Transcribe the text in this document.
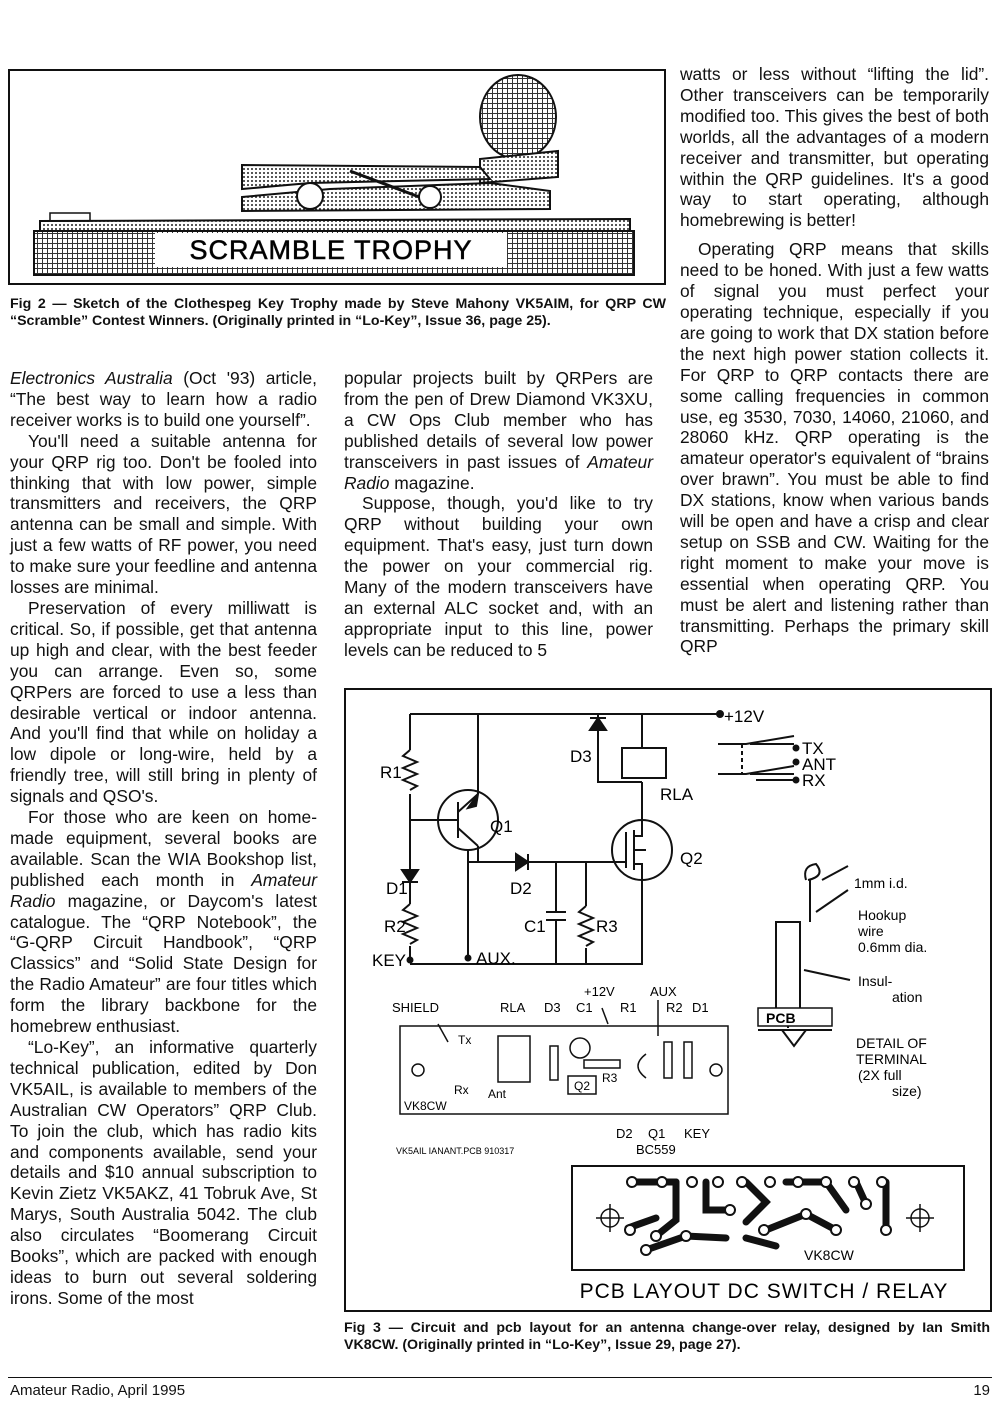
SCRAMBLE TROPHY
Fig 2 — Sketch of the Clothespeg Key Trophy made by Steve Mahony VK5AIM, for QRP CW “Scramble” Contest Winners. (Originally printed in “Lo-Key”, Issue 36, page 25).

Electronics Australia (Oct '93) article, “The best way to learn how a radio receiver works is to build one yourself”.

You'll need a suitable antenna for your QRP rig too. Don't be fooled into thinking that with low power, simple transmitters and receivers, the QRP antenna can be small and simple. With just a few watts of RF power, you need to make sure your feedline and antenna losses are minimal.

Preservation of every milliwatt is critical. So, if possible, get that antenna up high and clear, with the best feeder you can arrange. Even so, some QRPers are forced to use a less than desirable vertical or indoor antenna. And you'll find that while on holiday a low dipole or long-wire, held by a friendly tree, will still bring in plenty of signals and QSO's.

For those who are keen on home-made equipment, several books are available. Scan the WIA Bookshop list, published each month in Amateur Radio magazine, or Daycom's latest catalogue. The “QRP Notebook”, the “G-QRP Circuit Handbook”, “QRP Classics” and “Solid State Design for the Radio Amateur” are four titles which form the library backbone for the homebrew enthusiast.

“Lo-Key”, an informative quarterly technical publication, edited by Don VK5AIL, is available to members of the Australian CW Operators” QRP Club. To join the club, which has radio kits and components available, send your details and $10 annual subscription to Kevin Zietz VK5AKZ, 41 Tobruk Ave, St Marys, South Australia 5042. The club also circulates “Boomerang Circuit Books”, which are packed with enough ideas to burn out several soldering irons. Some of the most

popular projects built by QRPers are from the pen of Drew Diamond VK3XU, a CW Ops Club member who has published details of several low power transceivers in past issues of Amateur Radio magazine.

Suppose, though, you'd like to try QRP without building your own equipment. That's easy, just turn down the power on your commercial rig. Many of the modern transceivers have an external ALC socket and, with an appropriate input to this line, power levels can be reduced to 5

watts or less without “lifting the lid”. Other transceivers can be temporarily modified too. This gives the best of both worlds, all the advantages of a modern receiver and transmitter, but operating within the QRP guidelines. It's a good way to start operating, although homebrewing is better!

Operating QRP means that skills need to be honed. With just a few watts of signal you must perfect your operating technique, especially if you are going to work that DX station before the next high power station collects it. For QRP to QRP contacts there are some calling frequencies in common use, eg 3530, 7030, 14060, 21060, and 28060 kHz. QRP operating is the amateur operator's equivalent of “brains over brawn”. You must be able to find DX stations, know when various bands will be open and have a crisp and clear setup on SSB and CW. Waiting for the right moment to make your move is essential when operating QRP. You must be alert and listening rather than transmitting. Perhaps the primary skill QRP

+12V
TX
ANT
RX
R1
D3
RLA
Q1
Q2
D1	D2
C1	R3
R2
KEY	AUX.
1mm i.d.
Hookup
wire
0.6mm dia.
Insul-
ation
DETAIL OF
TERMINAL
(2X full
size)
PCB
+12V	AUX
SHIELD	RLA D3 C1 R1 R2 D1
Tx
Rx Ant
Q2
R3
VK8CW
D2 Q1 KEY
BC559
VK5AIL IANANT.PCB 910317
VK8CW
PCB LAYOUT DC SWITCH / RELAY
Fig 3 — Circuit and pcb layout for an antenna change-over relay, designed by Ian Smith VK8CW. (Originally printed in “Lo-Key”, Issue 29, page 27).
Amateur Radio, April 1995	19
